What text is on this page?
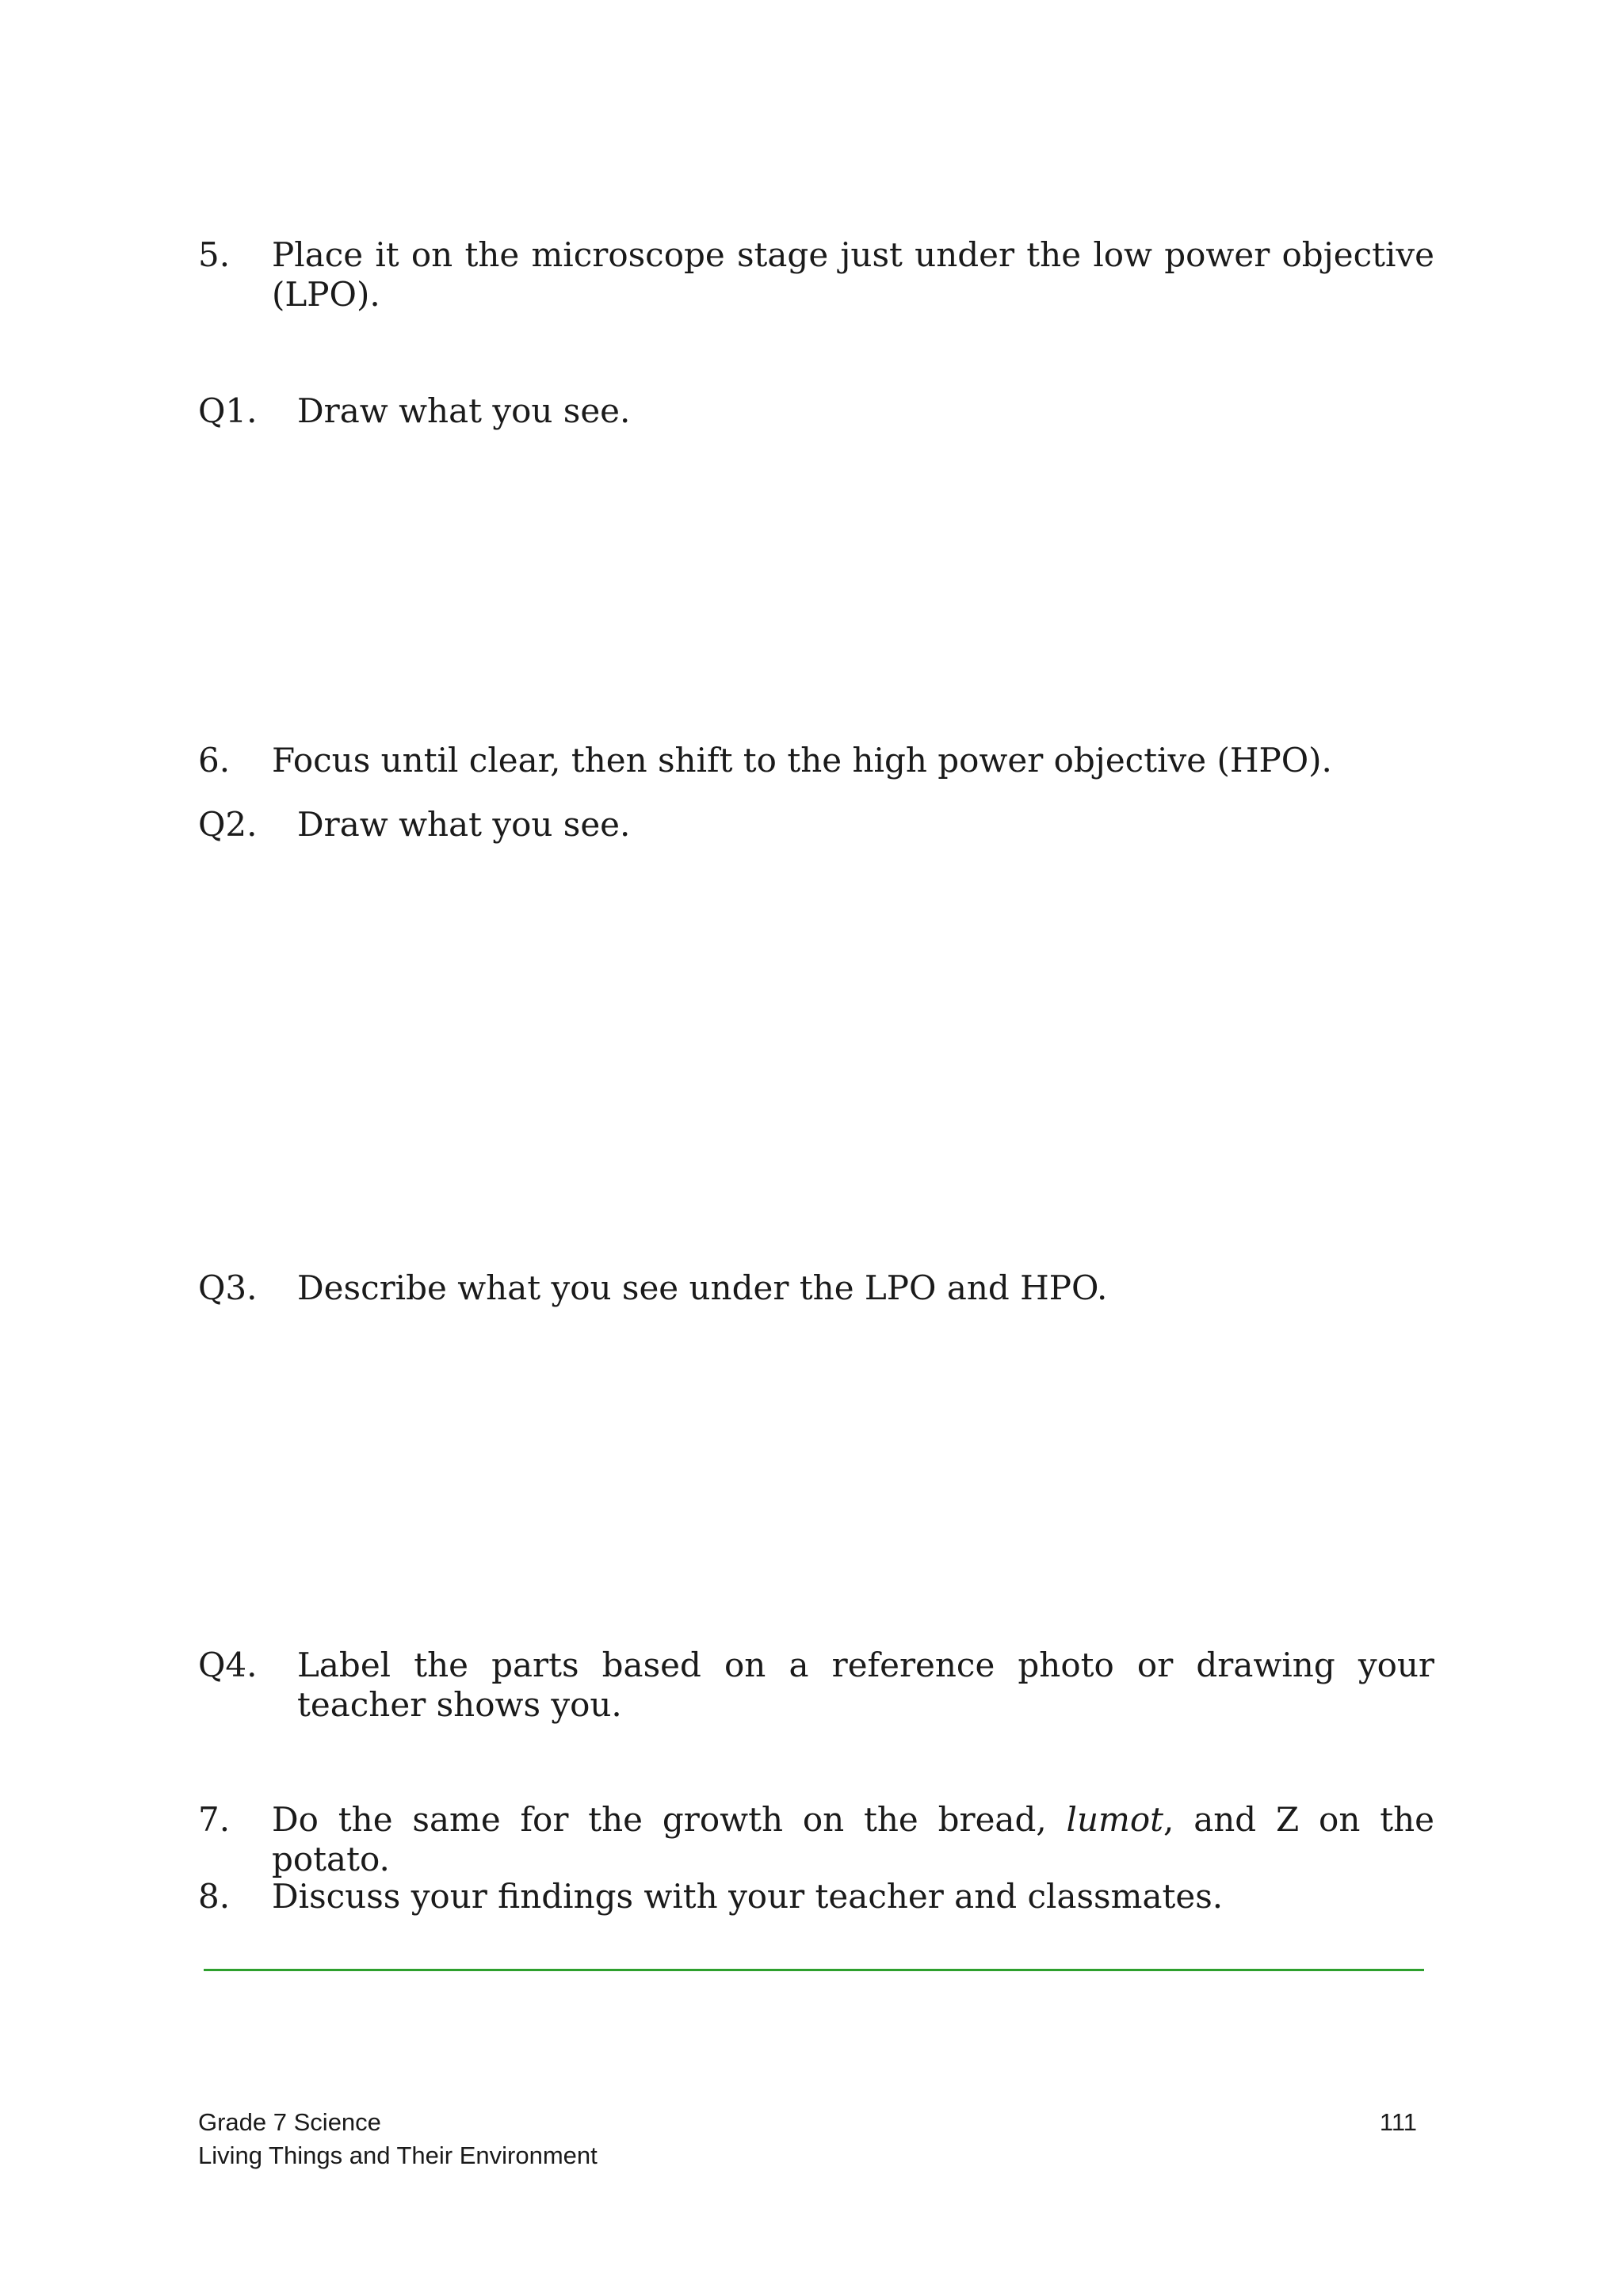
5. Place it on the microscope stage just under the low power objective (LPO).
Q1. Draw what you see.
6. Focus until clear, then shift to the high power objective (HPO).
Q2. Draw what you see.
Q3. Describe what you see under the LPO and HPO.
Q4. Label the parts based on a reference photo or drawing your teacher shows you.
7. Do the same for the growth on the bread, lumot, and Z on the potato.
8. Discuss your findings with your teacher and classmates.
Grade 7 Science
Living Things and Their Environment
111
